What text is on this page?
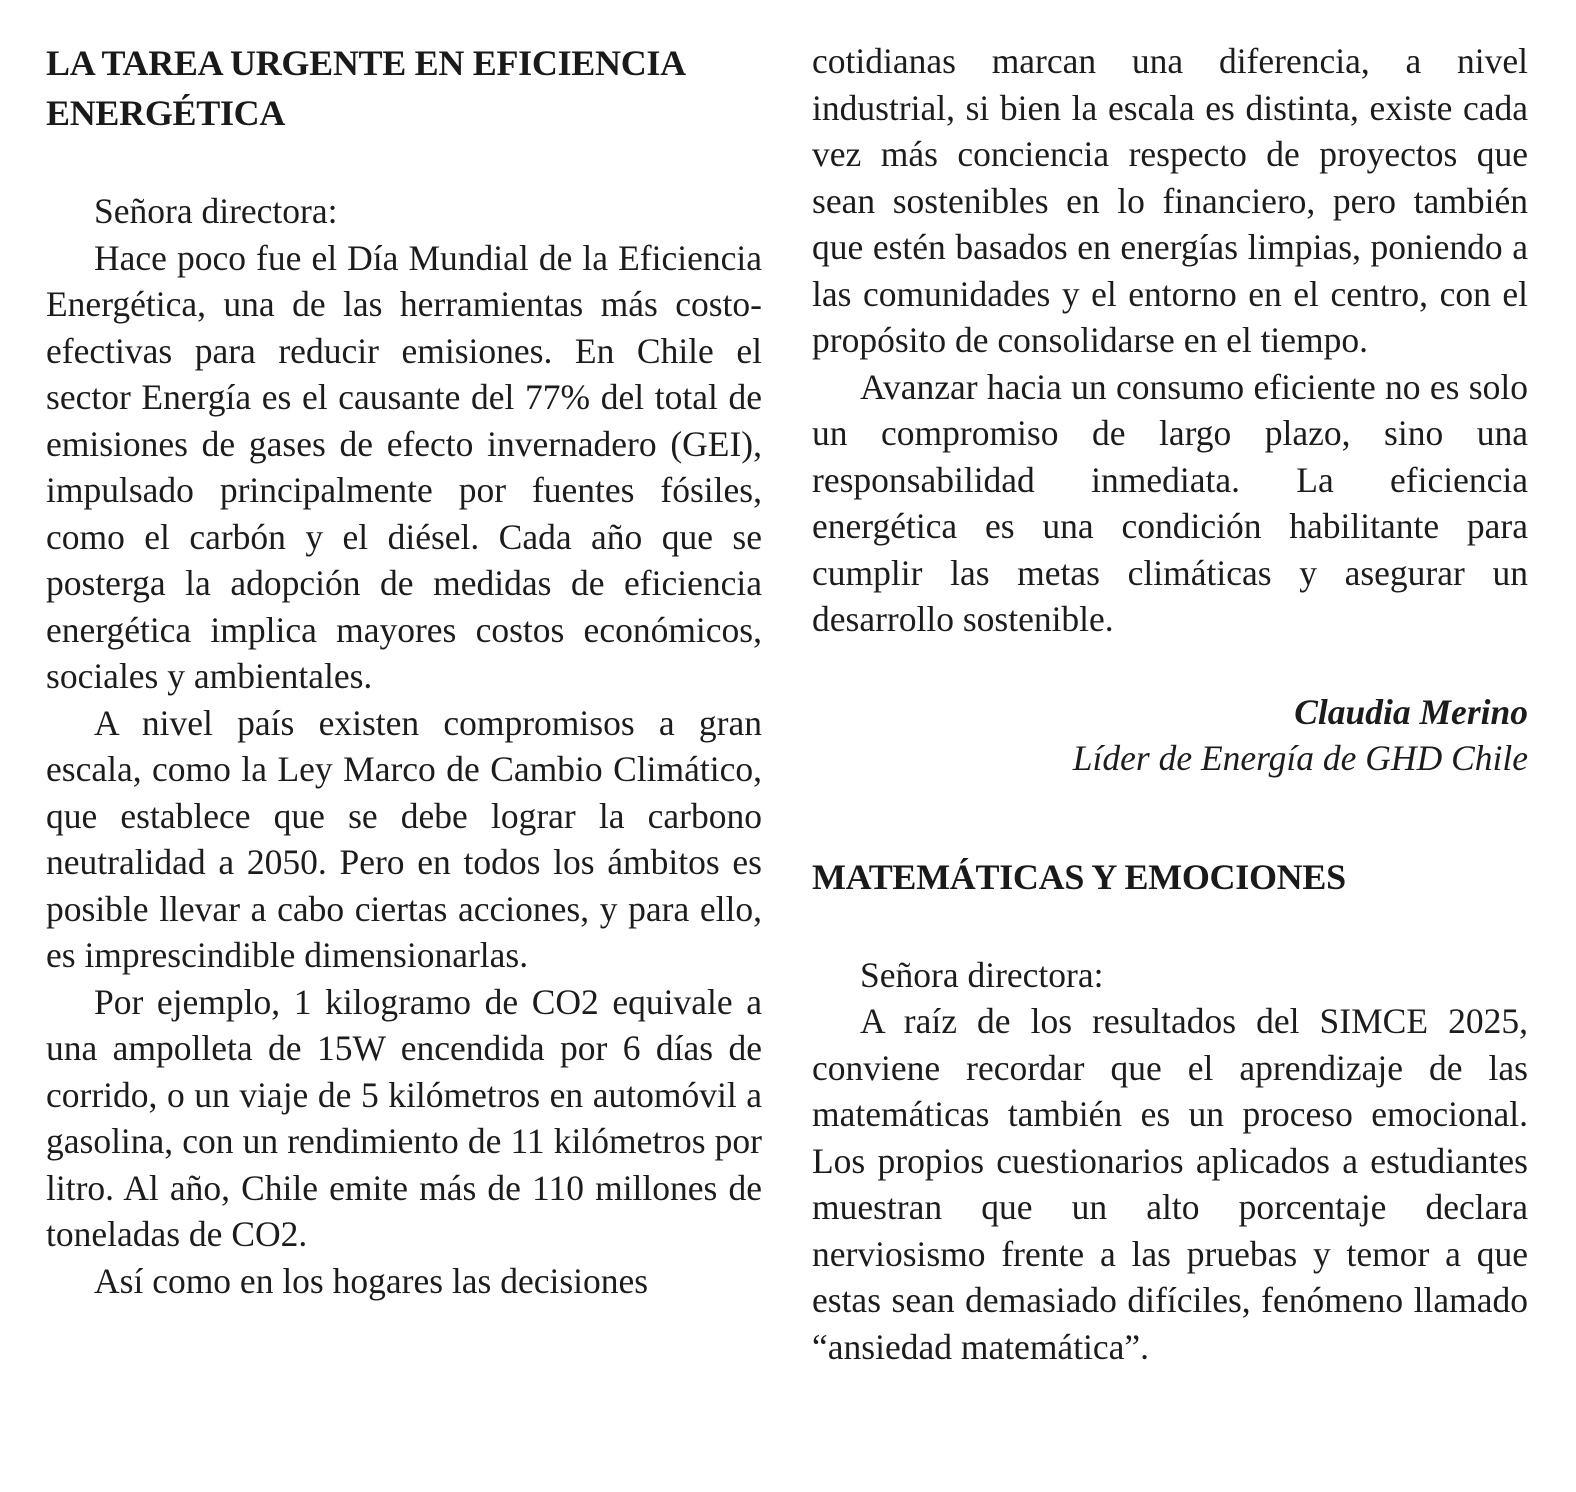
LA TAREA URGENTE EN EFICIENCIA ENERGÉTICA

Señora directora:

Hace poco fue el Día Mundial de la Eficiencia Energética, una de las herramientas más costo-efectivas para reducir emisiones. En Chile el sector Energía es el causante del 77% del total de emisiones de gases de efecto invernadero (GEI), impulsado principalmente por fuentes fósiles, como el carbón y el diésel. Cada año que se posterga la adopción de medidas de eficiencia energética implica mayores costos económicos, sociales y ambientales.

A nivel país existen compromisos a gran escala, como la Ley Marco de Cambio Climático, que establece que se debe lograr la carbono neutralidad a 2050. Pero en todos los ámbitos es posible llevar a cabo ciertas acciones, y para ello, es imprescindible dimensionarlas.

Por ejemplo, 1 kilogramo de CO2 equivale a una ampolleta de 15W encendida por 6 días de corrido, o un viaje de 5 kilómetros en automóvil a gasolina, con un rendimiento de 11 kilómetros por litro. Al año, Chile emite más de 110 millones de toneladas de CO2.

Así como en los hogares las decisiones

cotidianas marcan una diferencia, a nivel industrial, si bien la escala es distinta, existe cada vez más conciencia respecto de proyectos que sean sostenibles en lo financiero, pero también que estén basados en energías limpias, poniendo a las comunidades y el entorno en el centro, con el propósito de consolidarse en el tiempo.

Avanzar hacia un consumo eficiente no es solo un compromiso de largo plazo, sino una responsabilidad inmediata. La eficiencia energética es una condición habilitante para cumplir las metas climáticas y asegurar un desarrollo sostenible.

Claudia Merino

Líder de Energía de GHD Chile

MATEMÁTICAS Y EMOCIONES

Señora directora:

A raíz de los resultados del SIMCE 2025, conviene recordar que el aprendizaje de las matemáticas también es un proceso emocional. Los propios cuestionarios aplicados a estudiantes muestran que un alto porcentaje declara nerviosismo frente a las pruebas y temor a que estas sean demasiado difíciles, fenómeno llamado “ansiedad matemática”.
